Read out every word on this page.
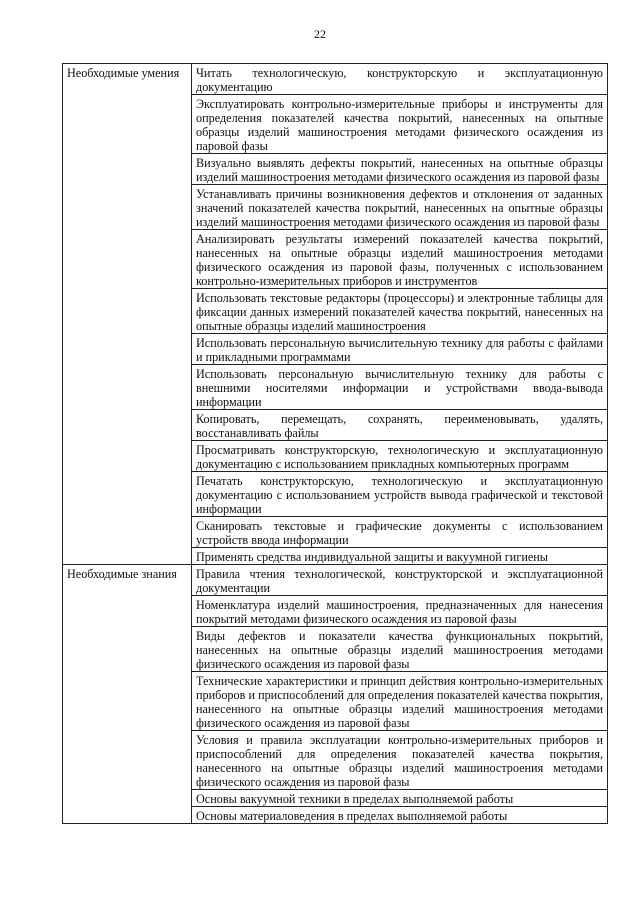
22
Необходимые умения	Читать технологическую, конструкторскую и эксплуатационную документацию
	Эксплуатировать контрольно-измерительные приборы и инструменты для определения показателей качества покрытий, нанесенных на опытные образцы изделий машиностроения методами физического осаждения из паровой фазы
	Визуально выявлять дефекты покрытий, нанесенных на опытные образцы изделий машиностроения методами физического осаждения из паровой фазы
	Устанавливать причины возникновения дефектов и отклонения от заданных значений показателей качества покрытий, нанесенных на опытные образцы изделий машиностроения методами физического осаждения из паровой фазы
	Анализировать результаты измерений показателей качества покрытий, нанесенных на опытные образцы изделий машиностроения методами физического осаждения из паровой фазы, полученных с использованием контрольно-измерительных приборов и инструментов
	Использовать текстовые редакторы (процессоры) и электронные таблицы для фиксации данных измерений показателей качества покрытий, нанесенных на опытные образцы изделий машиностроения
	Использовать персональную вычислительную технику для работы с файлами и прикладными программами
	Использовать персональную вычислительную технику для работы с внешними носителями информации и устройствами ввода-вывода информации
	Копировать, перемещать, сохранять, переименовывать, удалять, восстанавливать файлы
	Просматривать конструкторскую, технологическую и эксплуатационную документацию с использованием прикладных компьютерных программ
	Печатать конструкторскую, технологическую и эксплуатационную документацию с использованием устройств вывода графической и текстовой информации
	Сканировать текстовые и графические документы с использованием устройств ввода информации
	Применять средства индивидуальной защиты и вакуумной гигиены
Необходимые знания	Правила чтения технологической, конструкторской и эксплуатационной документации
	Номенклатура изделий машиностроения, предназначенных для нанесения покрытий методами физического осаждения из паровой фазы
	Виды дефектов и показатели качества функциональных покрытий, нанесенных на опытные образцы изделий машиностроения методами физического осаждения из паровой фазы
	Технические характеристики и принцип действия контрольно-измерительных приборов и приспособлений для определения показателей качества покрытия, нанесенного на опытные образцы изделий машиностроения методами физического осаждения из паровой фазы
	Условия и правила эксплуатации контрольно-измерительных приборов и приспособлений для определения показателей качества покрытия, нанесенного на опытные образцы изделий машиностроения методами физического осаждения из паровой фазы
	Основы вакуумной техники в пределах выполняемой работы
	Основы материаловедения в пределах выполняемой работы
